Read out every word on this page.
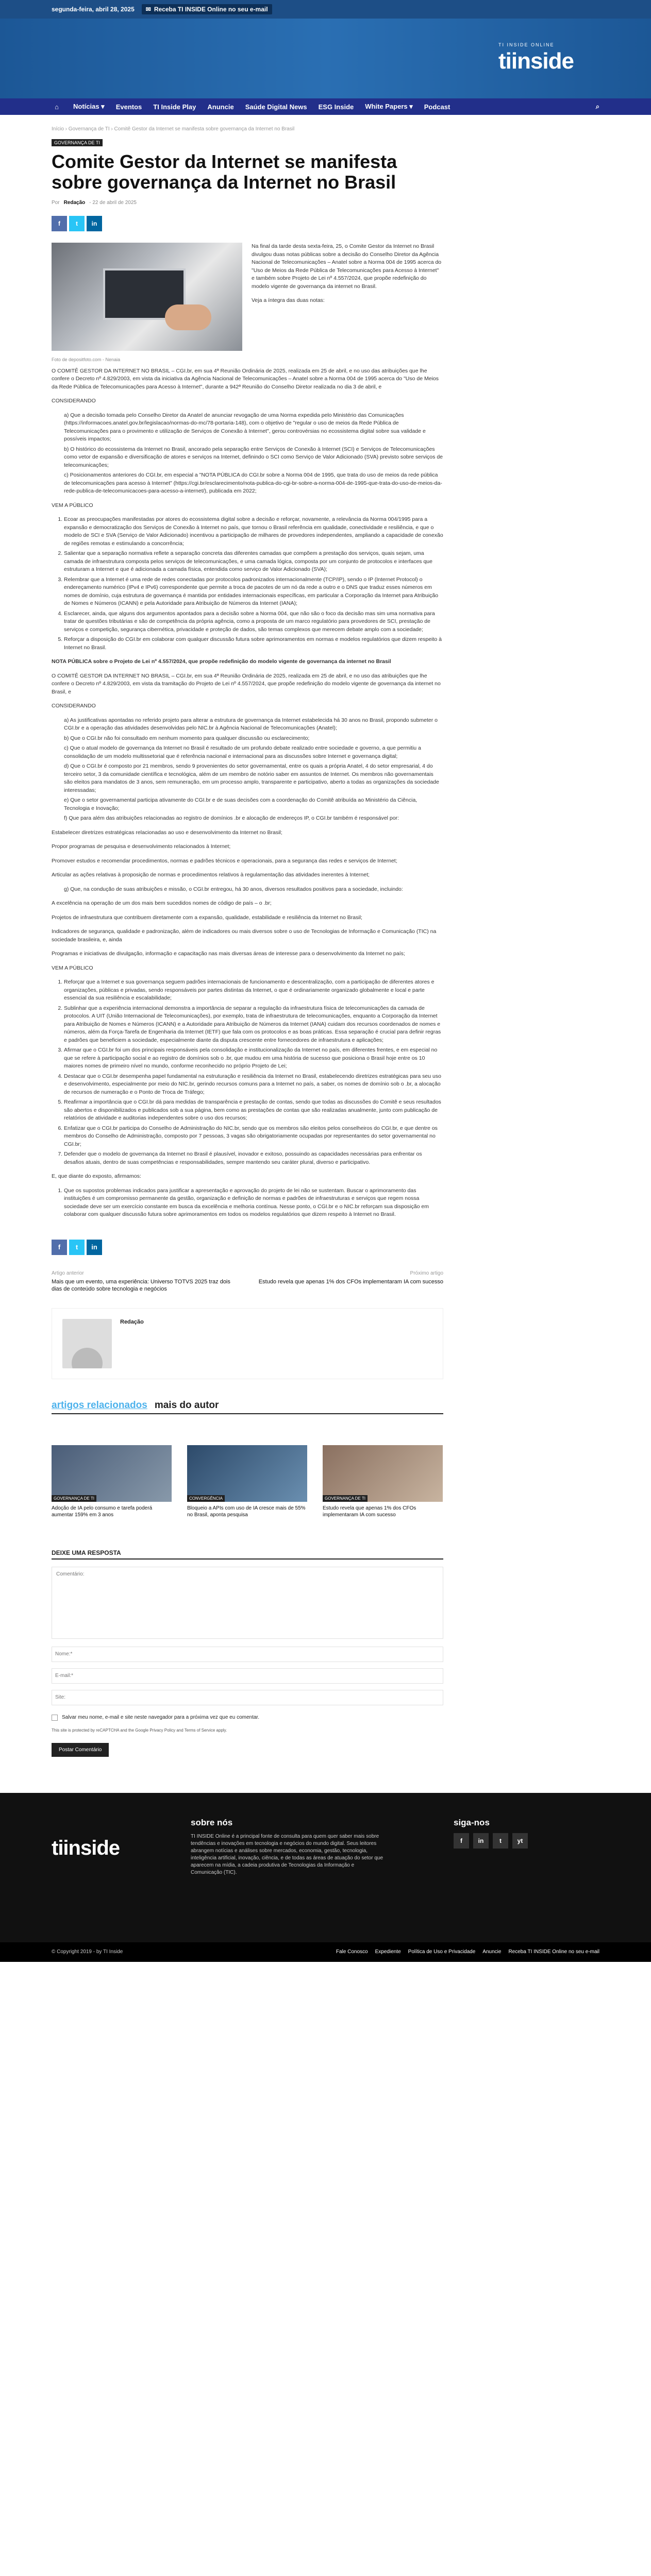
segunda-feira, abril 28, 2025 ✉ Receba TI INSIDE Online no seu e-mail
TI INSIDE ONLINE
tiinside
⌂	Notícias ▾ Eventos TI Inside Play Anuncie Saúde Digital News ESG Inside White Papers ▾ Podcast	⌕
Início › Governança de TI › Comitê Gestor da Internet se manifesta sobre governança da Internet no Brasil
GOVERNANÇA DE TI
Comite Gestor da Internet se manifesta sobre governança da Internet no Brasil
Por Redação - 22 de abril de 2025
f	t	in

Na final da tarde desta sexta-feira, 25, o Comite Gestor da Internet no Brasil divulgou duas notas públicas sobre a decisão do Conselho Diretor da Agência Nacional de Telecomunicações – Anatel sobre a Norma 004 de 1995 acerca do "Uso de Meios da Rede Pública de Telecomunicações para Acesso à Internet" e também sobre Projeto de Lei nº 4.557/2024, que propõe redefinição do modelo vigente de governança da internet no Brasil.

Veja a íntegra das duas notas:

Foto de depositfoto.com - Nenaia

O COMITÊ GESTOR DA INTERNET NO BRASIL – CGI.br, em sua 4ª Reunião Ordinária de 2025, realizada em 25 de abril, e no uso das atribuições que lhe confere o Decreto nº 4.829/2003, em vista da iniciativa da Agência Nacional de Telecomunicações – Anatel sobre a Norma 004 de 1995 acerca do "Uso de Meios da Rede Pública de Telecomunicações para Acesso à Internet", durante a 942ª Reunião do Conselho Diretor realizada no dia 3 de abril, e

CONSIDERANDO

a) Que a decisão tomada pelo Conselho Diretor da Anatel de anunciar revogação de uma Norma expedida pelo Ministério das Comunicações (https://informacoes.anatel.gov.br/legislacao/normas-do-mc/78-portaria-148), com o objetivo de "regular o uso de meios da Rede Pública de Telecomunicações para o provimento e utilização de Serviços de Conexão à Internet", gerou controvérsias no ecossistema digital sobre sua validade e possíveis impactos;
b) O histórico do ecossistema da Internet no Brasil, ancorado pela separação entre Serviços de Conexão à Internet (SCI) e Serviços de Telecomunicações como vetor de expansão e diversificação de atores e serviços na Internet, definindo o SCI como Serviço de Valor Adicionado (SVA) previsto sobre serviços de telecomunicações;
c) Posicionamentos anteriores do CGI.br, em especial a "NOTA PÚBLICA do CGI.br sobre a Norma 004 de 1995, que trata do uso de meios da rede pública de telecomunicações para acesso à Internet" (https://cgi.br/esclarecimento/nota-publica-do-cgi-br-sobre-a-norma-004-de-1995-que-trata-do-uso-de-meios-da-rede-publica-de-telecomunicacoes-para-acesso-a-internet/), publicada em 2022;

VEM A PÚBLICO

1. Ecoar as preocupações manifestadas por atores do ecossistema digital sobre a decisão e reforçar, novamente, a relevância da Norma 004/1995 para a expansão e democratização dos Serviços de Conexão à Internet no país, que tornou o Brasil referência em qualidade, conectividade e resiliência, e que o modelo de SCI e SVA (Serviço de Valor Adicionado) incentivou a participação de milhares de provedores independentes, ampliando a capacidade de conexão de regiões remotas e estimulando a concorrência;
2. Salientar que a separação normativa reflete a separação concreta das diferentes camadas que compõem a prestação dos serviços, quais sejam, uma camada de infraestrutura composta pelos serviços de telecomunicações, e uma camada lógica, composta por um conjunto de protocolos e interfaces que estruturam a Internet e que é adicionada a camada física, entendida como serviço de Valor Adicionado (SVA);
3. Relembrar que a Internet é uma rede de redes conectadas por protocolos padronizados internacionalmente (TCP/IP), sendo o IP (Internet Protocol) o endereçamento numérico (IPv4 e IPv6) correspondente que permite a troca de pacotes de um nó da rede a outro e o DNS que traduz esses números em nomes de domínio, cuja estrutura de governança é mantida por entidades internacionais específicas, em particular a Corporação da Internet para Atribuição de Nomes e Números (ICANN) e pela Autoridade para Atribuição de Números da Internet (IANA);
4. Esclarecer, ainda, que alguns dos argumentos apontados para a decisão sobre a Norma 004, que não são o foco da decisão mas sim uma normativa para tratar de questões tributárias e são de competência da própria agência, como a proposta de um marco regulatório para provedores de SCI, prestação de serviços e competição, segurança cibernética, privacidade e proteção de dados, são temas complexos que merecem debate amplo com a sociedade;
5. Reforçar a disposição do CGI.br em colaborar com qualquer discussão futura sobre aprimoramentos em normas e modelos regulatórios que dizem respeito à Internet no Brasil.

NOTA PÚBLICA sobre o Projeto de Lei nº 4.557/2024, que propõe redefinição do modelo vigente de governança da internet no Brasil

O COMITÊ GESTOR DA INTERNET NO BRASIL – CGI.br, em sua 4ª Reunião Ordinária de 2025, realizada em 25 de abril, e no uso das atribuições que lhe confere o Decreto nº 4.829/2003, em vista da tramitação do Projeto de Lei nº 4.557/2024, que propõe redefinição do modelo vigente de governança da internet no Brasil, e

CONSIDERANDO

a) As justificativas apontadas no referido projeto para alterar a estrutura de governança da Internet estabelecida há 30 anos no Brasil, propondo submeter o CGI.br e a operação das atividades desenvolvidas pelo NIC.br à Agência Nacional de Telecomunicações (Anatel);
b) Que o CGI.br não foi consultado em nenhum momento para qualquer discussão ou esclarecimento;
c) Que o atual modelo de governança da Internet no Brasil é resultado de um profundo debate realizado entre sociedade e governo, a que permitiu a consolidação de um modelo multissetorial que é referência nacional e internacional para as discussões sobre Internet e governança digital;
d) Que o CGI.br é composto por 21 membros, sendo 9 provenientes do setor governamental, entre os quais a própria Anatel, 4 do setor empresarial, 4 do terceiro setor, 3 da comunidade científica e tecnológica, além de um membro de notório saber em assuntos de Internet. Os membros não governamentais são eleitos para mandatos de 3 anos, sem remuneração, em um processo amplo, transparente e participativo, aberto a todas as organizações da sociedade interessadas;
e) Que o setor governamental participa ativamente do CGI.br e de suas decisões com a coordenação do Comitê atribuída ao Ministério da Ciência, Tecnologia e Inovação;
f) Que para além das atribuições relacionadas ao registro de domínios .br e alocação de endereços IP, o CGI.br também é responsável por:

Estabelecer diretrizes estratégicas relacionadas ao uso e desenvolvimento da Internet no Brasil;

Propor programas de pesquisa e desenvolvimento relacionados à Internet;

Promover estudos e recomendar procedimentos, normas e padrões técnicos e operacionais, para a segurança das redes e serviços de Internet;

Articular as ações relativas à proposição de normas e procedimentos relativos à regulamentação das atividades inerentes à Internet;

g) Que, na condução de suas atribuições e missão, o CGI.br entregou, há 30 anos, diversos resultados positivos para a sociedade, incluindo:

A excelência na operação de um dos mais bem sucedidos nomes de código de país – o .br;

Projetos de infraestrutura que contribuem diretamente com a expansão, qualidade, estabilidade e resiliência da Internet no Brasil;

Indicadores de segurança, qualidade e padronização, além de indicadores ou mais diversos sobre o uso de Tecnologias de Informação e Comunicação (TIC) na sociedade brasileira, e, ainda

Programas e iniciativas de divulgação, informação e capacitação nas mais diversas áreas de interesse para o desenvolvimento da Internet no país;

VEM A PÚBLICO

1. Reforçar que a Internet e sua governança seguem padrões internacionais de funcionamento e descentralização, com a participação de diferentes atores e organizações, públicas e privadas, sendo responsáveis por partes distintas da Internet, o que é ordinariamente organizado globalmente e local e parte essencial da sua resiliência e escalabilidade;
2. Sublinhar que a experiência internacional demonstra a importância de separar a regulação da infraestrutura física de telecomunicações da camada de protocolos. A UIT (União Internacional de Telecomunicações), por exemplo, trata de infraestrutura de telecomunicações, enquanto a Corporação da Internet para Atribuição de Nomes e Números (ICANN) e a Autoridade para Atribuição de Números da Internet (IANA) cuidam dos recursos coordenados de nomes e números, além da Força-Tarefa de Engenharia da Internet (IETF) que fala com os protocolos e as boas práticas. Essa separação é crucial para definir regras e padrões que beneficiem a sociedade, especialmente diante da disputa crescente entre fornecedores de infraestrutura e aplicações;
3. Afirmar que o CGI.br foi um dos principais responsáveis pela consolidação e institucionalização da Internet no país, em diferentes frentes, e em especial no que se refere à participação social e ao registro de domínios sob o .br, que mudou em uma história de sucesso que posiciona o Brasil hoje entre os 10 maiores nomes de primeiro nível no mundo, conforme reconhecido no próprio Projeto de Lei;
4. Destacar que o CGI.br desempenha papel fundamental na estruturação e resiliência da Internet no Brasil, estabelecendo diretrizes estratégicas para seu uso e desenvolvimento, especialmente por meio do NIC.br, gerindo recursos comuns para a Internet no país, a saber, os nomes de domínio sob o .br, a alocação de recursos de numeração e o Ponto de Troca de Tráfego;
5. Reafirmar a importância que o CGI.br dá para medidas de transparência e prestação de contas, sendo que todas as discussões do Comitê e seus resultados são abertos e disponibilizados e publicados sob a sua página, bem como as prestações de contas que são realizadas anualmente, junto com publicação de relatórios de atividade e auditorias independentes sobre o uso dos recursos;
6. Enfatizar que o CGI.br participa do Conselho de Administração do NIC.br, sendo que os membros são eleitos pelos conselheiros do CGI.br, e que dentre os membros do Conselho de Administração, composto por 7 pessoas, 3 vagas são obrigatoriamente ocupadas por representantes do setor governamental no CGI.br;
7. Defender que o modelo de governança da Internet no Brasil é plausível, inovador e exitoso, possuindo as capacidades necessárias para enfrentar os desafios atuais, dentro de suas competências e responsabilidades, sempre mantendo seu caráter plural, diverso e participativo.

E, que diante do exposto, afirmamos:

1. Que os supostos problemas indicados para justificar a apresentação e aprovação do projeto de lei não se sustentam. Buscar o aprimoramento das instituições é um compromisso permanente da gestão, organização e definição de normas e padrões de infraestruturas e serviços que regem nossa sociedade deve ser um exercício constante em busca da excelência e melhoria contínua. Nesse ponto, o CGI.br e o NIC.br reforçam sua disposição em colaborar com qualquer discussão futura sobre aprimoramentos em todos os modelos regulatórios que dizem respeito à Internet no Brasil.
f	t	in
Artigo anterior
Mais que um evento, uma experiência: Universo TOTVS 2025 traz dois dias de conteúdo sobre tecnologia e negócios
Próximo artigo
Estudo revela que apenas 1% dos CFOs implementaram IA com sucesso
Redação
artigos relacionados mais do autor
GOVERNANÇA DE TI
Adoção de IA pelo consumo e tarefa poderá aumentar 159% em 3 anos
CONVERGÊNCIA
Bloqueio a APIs com uso de IA cresce mais de 55% no Brasil, aponta pesquisa
GOVERNANÇA DE TI
Estudo revela que apenas 1% dos CFOs implementaram IA com sucesso
DEIXE UMA RESPOSTA
Comentário: Nome:* E-mail:* Site:
Salvar meu nome, e-mail e site neste navegador para a próxima vez que eu comentar.
This site is protected by reCAPTCHA and the Google Privacy Policy and Terms of Service apply.
Postar Comentário
tiinside
sobre nós

TI INSIDE Online é a principal fonte de consulta para quem quer saber mais sobre tendências e inovações em tecnologia e negócios do mundo digital. Seus leitores abrangem notícias e análises sobre mercados, economia, gestão, tecnologia, inteligência artificial, inovação, ciência, e de todas as áreas de atuação do setor que aparecem na mídia, a cadeia produtiva de Tecnologias da Informação e Comunicação (TIC).

siga-nos
f	in	t	yt
© Copyright 2019 - by TI Inside	Fale Conosco Expediente Política de Uso e Privacidade Anuncie Receba TI INSIDE Online no seu e-mail
